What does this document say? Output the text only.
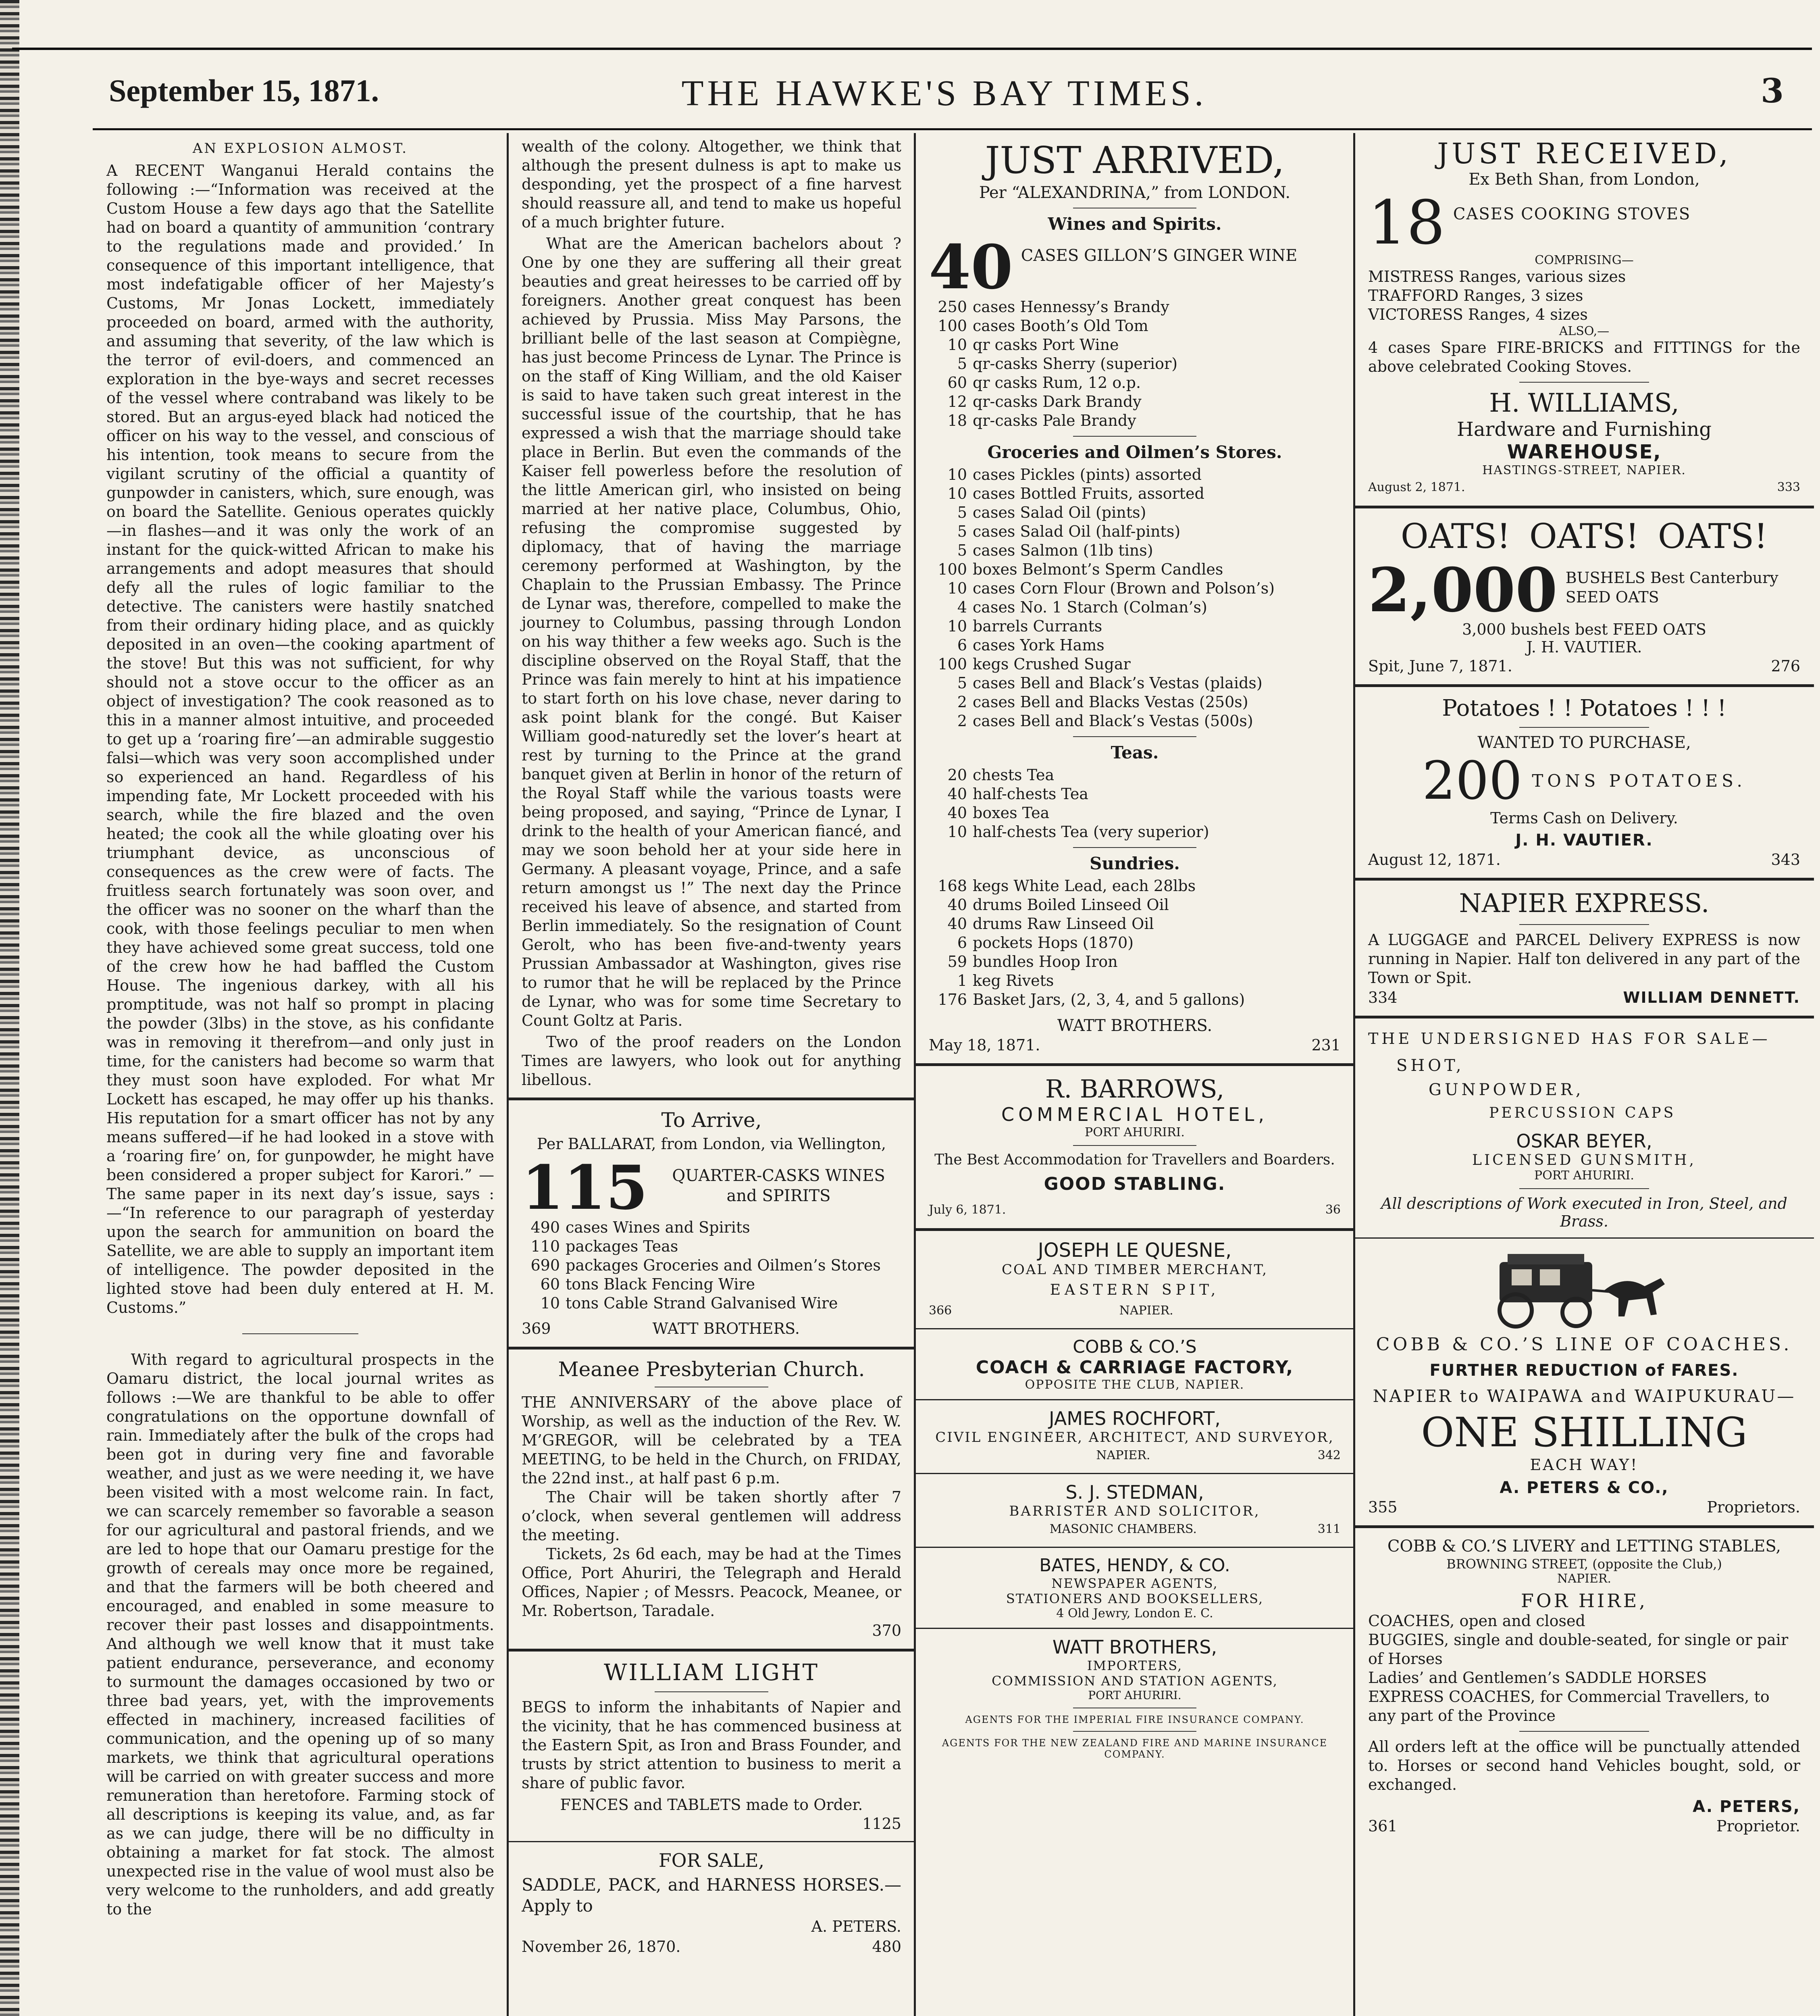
September 15, 1871.	THE HAWKE'S BAY TIMES.	3
AN EXPLOSION ALMOST.

A RECENT Wanganui Herald contains the following :—“Information was received at the Custom House a few days ago that the Satellite had on board a quantity of ammunition ‘contrary to the regulations made and provided.’ In consequence of this important intelligence, that most indefatigable officer of her Majesty’s Customs, Mr Jonas Lockett, immediately proceeded on board, armed with the authority, and assuming that severity, of the law which is the terror of evil-doers, and commenced an exploration in the bye-ways and secret recesses of the vessel where contraband was likely to be stored. But an argus-eyed black had noticed the officer on his way to the vessel, and conscious of his intention, took means to secure from the vigilant scrutiny of the official a quantity of gunpowder in canisters, which, sure enough, was on board the Satellite. Genious operates quickly—in flashes—and it was only the work of an instant for the quick-witted African to make his arrangements and adopt measures that should defy all the rules of logic familiar to the detective. The canisters were hastily snatched from their ordinary hiding place, and as quickly deposited in an oven—the cooking apartment of the stove! But this was not sufficient, for why should not a stove occur to the officer as an object of investigation? The cook reasoned as to this in a manner almost intuitive, and proceeded to get up a ‘roaring fire’—an admirable suggestio falsi—which was very soon accomplished under so experienced an hand. Regardless of his impending fate, Mr Lockett proceeded with his search, while the fire blazed and the oven heated; the cook all the while gloating over his triumphant device, as unconscious of consequences as the crew were of facts. The fruitless search fortunately was soon over, and the officer was no sooner on the wharf than the cook, with those feelings peculiar to men when they have achieved some great success, told one of the crew how he had baffled the Custom House. The ingenious darkey, with all his promptitude, was not half so prompt in placing the powder (3lbs) in the stove, as his confidante was in removing it therefrom—and only just in time, for the canisters had become so warm that they must soon have exploded. For what Mr Lockett has escaped, he may offer up his thanks. His reputation for a smart officer has not by any means suffered—if he had looked in a stove with a ‘roaring fire’ on, for gunpowder, he might have been considered a proper subject for Karori.” —The same paper in its next day’s issue, says :—“In reference to our paragraph of yesterday upon the search for ammunition on board the Satellite, we are able to supply an important item of intelligence. The powder deposited in the lighted stove had been duly entered at H. M. Customs.”

With regard to agricultural prospects in the Oamaru district, the local journal writes as follows :—We are thankful to be able to offer congratulations on the opportune downfall of rain. Immediately after the bulk of the crops had been got in during very fine and favorable weather, and just as we were needing it, we have been visited with a most welcome rain. In fact, we can scarcely remember so favorable a season for our agricultural and pastoral friends, and we are led to hope that our Oamaru prestige for the growth of cereals may once more be regained, and that the farmers will be both cheered and encouraged, and enabled in some measure to recover their past losses and disappointments. And although we well know that it must take patient endurance, perseverance, and economy to surmount the damages occasioned by two or three bad years, yet, with the improvements effected in machinery, increased facilities of communication, and the opening up of so many markets, we think that agricultural operations will be carried on with greater success and more remuneration than heretofore. Farming stock of all descriptions is keeping its value, and, as far as we can judge, there will be no difficulty in obtaining a market for fat stock. The almost unexpected rise in the value of wool must also be very welcome to the runholders, and add greatly to the

wealth of the colony. Altogether, we think that although the present dulness is apt to make us desponding, yet the prospect of a fine harvest should reassure all, and tend to make us hopeful of a much brighter future.

What are the American bachelors about ? One by one they are suffering all their great beauties and great heiresses to be carried off by foreigners. Another great conquest has been achieved by Prussia. Miss May Parsons, the brilliant belle of the last season at Compiègne, has just become Princess de Lynar. The Prince is on the staff of King William, and the old Kaiser is said to have taken such great interest in the successful issue of the courtship, that he has expressed a wish that the marriage should take place in Berlin. But even the commands of the Kaiser fell powerless before the resolution of the little American girl, who insisted on being married at her native place, Columbus, Ohio, refusing the compromise suggested by diplomacy, that of having the marriage ceremony performed at Washington, by the Chaplain to the Prussian Embassy. The Prince de Lynar was, therefore, compelled to make the journey to Columbus, passing through London on his way thither a few weeks ago. Such is the discipline observed on the Royal Staff, that the Prince was fain merely to hint at his impatience to start forth on his love chase, never daring to ask point blank for the congé. But Kaiser William good-naturedly set the lover’s heart at rest by turning to the Prince at the grand banquet given at Berlin in honor of the return of the Royal Staff while the various toasts were being proposed, and saying, “Prince de Lynar, I drink to the health of your American fiancé, and may we soon behold her at your side here in Germany. A pleasant voyage, Prince, and a safe return amongst us !” The next day the Prince received his leave of absence, and started from Berlin immediately. So the resignation of Count Gerolt, who has been five-and-twenty years Prussian Ambassador at Washington, gives rise to rumor that he will be replaced by the Prince de Lynar, who was for some time Secretary to Count Goltz at Paris.

Two of the proof readers on the London Times are lawyers, who look out for anything libellous.

To Arrive,
Per BALLARAT, from London, via Wellington,
115	QUARTER-CASKS WINES and SPIRITS
490 cases Wines and Spirits
110 packages Teas
690 packages Groceries and Oilmen’s Stores
60 tons Black Fencing Wire
10 tons Cable Strand Galvanised Wire
369	WATT BROTHERS.
Meanee Presbyterian Church.

THE ANNIVERSARY of the above place of Worship, as well as the induction of the Rev. W. M’GREGOR, will be celebrated by a TEA MEETING, to be held in the Church, on FRIDAY, the 22nd inst., at half past 6 p.m.

The Chair will be taken shortly after 7 o’clock, when several gentlemen will address the meeting.

Tickets, 2s 6d each, may be had at the Times Office, Port Ahuriri, the Telegraph and Herald Offices, Napier ; of Messrs. Peacock, Meanee, or Mr. Robertson, Taradale.

370
WILLIAM LIGHT

BEGS to inform the inhabitants of Napier and the vicinity, that he has commenced business at the Eastern Spit, as Iron and Brass Founder, and trusts by strict attention to business to merit a share of public favor.

FENCES and TABLETS made to Order.
1125
FOR SALE,

SADDLE, PACK, and HARNESS HORSES.—Apply to

A. PETERS.
November 26, 1870.	480
JUST ARRIVED,
Per “ALEXANDRINA,” from LONDON.
Wines and Spirits.
40 CASES GILLON’S GINGER WINE
250 cases Hennessy’s Brandy
100 cases Booth’s Old Tom
10 qr casks Port Wine
5 qr-casks Sherry (superior)
60 qr casks Rum, 12 o.p.
12 qr-casks Dark Brandy
18 qr-casks Pale Brandy
Groceries and Oilmen’s Stores.
10 cases Pickles (pints) assorted
10 cases Bottled Fruits, assorted
5 cases Salad Oil (pints)
5 cases Salad Oil (half-pints)
5 cases Salmon (1lb tins)
100 boxes Belmont’s Sperm Candles
10 cases Corn Flour (Brown and Polson’s)
4 cases No. 1 Starch (Colman’s)
10 barrels Currants
6 cases York Hams
100 kegs Crushed Sugar
5 cases Bell and Black’s Vestas (plaids)
2 cases Bell and Blacks Vestas (250s)
2 cases Bell and Black’s Vestas (500s)
Teas.
20 chests Tea
40 half-chests Tea
40 boxes Tea
10 half-chests Tea (very superior)
Sundries.
168 kegs White Lead, each 28lbs
40 drums Boiled Linseed Oil
40 drums Raw Linseed Oil
6 pockets Hops (1870)
59 bundles Hoop Iron
1 keg Rivets
176 Basket Jars, (2, 3, 4, and 5 gallons)
WATT BROTHERS.
May 18, 1871.	231
R. BARROWS,
COMMERCIAL HOTEL,
PORT AHURIRI.
The Best Accommodation for Travellers and Boarders.
GOOD STABLING.
July 6, 1871.	36
JOSEPH LE QUESNE,
COAL AND TIMBER MERCHANT,
EASTERN SPIT,
366	NAPIER.
COBB & CO.’S
COACH & CARRIAGE FACTORY,
OPPOSITE THE CLUB, NAPIER.
JAMES ROCHFORT,
CIVIL ENGINEER, ARCHITECT, AND SURVEYOR,
NAPIER.	342
S. J. STEDMAN,
BARRISTER AND SOLICITOR,
MASONIC CHAMBERS.	311
BATES, HENDY, & CO.
NEWSPAPER AGENTS,
STATIONERS AND BOOKSELLERS,
4 Old Jewry, London E. C.
WATT BROTHERS,
IMPORTERS,
COMMISSION AND STATION AGENTS,
PORT AHURIRI.
AGENTS FOR THE IMPERIAL FIRE INSURANCE COMPANY.
AGENTS FOR THE NEW ZEALAND FIRE AND MARINE INSURANCE COMPANY.
JUST RECEIVED,
Ex Beth Shan, from London,
18 CASES COOKING STOVES
COMPRISING—
MISTRESS Ranges, various sizes
TRAFFORD Ranges, 3 sizes
VICTORESS Ranges, 4 sizes
ALSO,—

4 cases Spare FIRE-BRICKS and FITTINGS for the above celebrated Cooking Stoves.

H. WILLIAMS,
Hardware and Furnishing
WAREHOUSE,
HASTINGS-STREET, NAPIER.
August 2, 1871.	333
OATS! OATS! OATS!
2,000 BUSHELS Best Canterbury SEED OATS
3,000 bushels best FEED OATS
J. H. VAUTIER.
Spit, June 7, 1871.	276
Potatoes ! ! Potatoes ! ! !
WANTED TO PURCHASE,
200 TONS POTATOES.
Terms Cash on Delivery.
J. H. VAUTIER.
August 12, 1871.	343
NAPIER EXPRESS.

A LUGGAGE and PARCEL Delivery EXPRESS is now running in Napier. Half ton delivered in any part of the Town or Spit.

334	WILLIAM DENNETT.
THE UNDERSIGNED HAS FOR SALE—
SHOT,
GUNPOWDER,
PERCUSSION CAPS
OSKAR BEYER,
LICENSED GUNSMITH,
PORT AHURIRI.
All descriptions of Work executed in Iron, Steel, and Brass.
COBB & CO.’S LINE OF COACHES.
FURTHER REDUCTION of FARES.
NAPIER to WAIPAWA and WAIPUKURAU—
ONE SHILLING
EACH WAY!
A. PETERS & CO.,
355	Proprietors.
COBB & CO.’S LIVERY and LETTING STABLES,
BROWNING STREET, (opposite the Club,)
NAPIER.
FOR HIRE,
COACHES, open and closed
BUGGIES, single and double-seated, for single or pair of Horses
Ladies’ and Gentlemen’s SADDLE HORSES
EXPRESS COACHES, for Commercial Travellers, to any part of the Province

All orders left at the office will be punctually attended to. Horses or second hand Vehicles bought, sold, or exchanged.

A. PETERS,
361	Proprietor.
